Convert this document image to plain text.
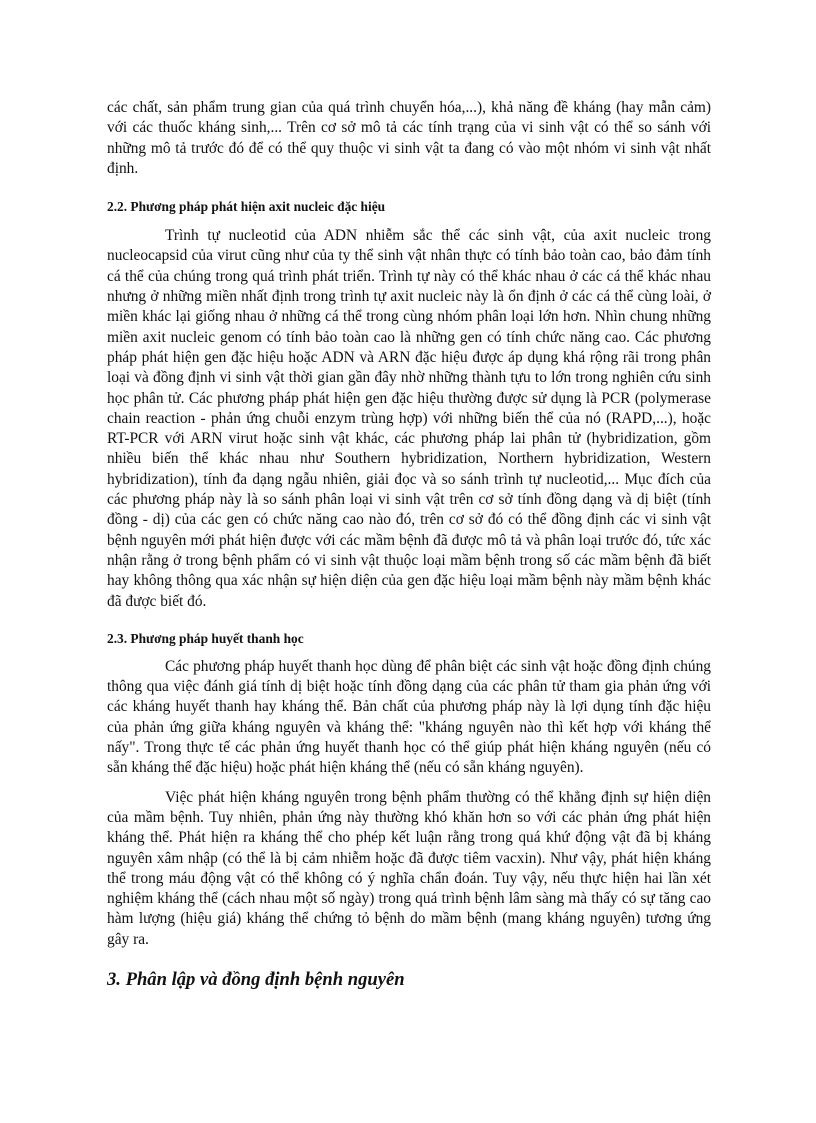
các chất, sản phẩm trung gian của quá trình chuyển hóa,...), khả năng đề kháng (hay mẫn cảm) với các thuốc kháng sinh,... Trên cơ sở mô tả các tính trạng của vi sinh vật có thể so sánh với những mô tả trước đó để có thể quy thuộc vi sinh vật ta đang có vào một nhóm vi sinh vật nhất định.

2.2. Phương pháp phát hiện axit nucleic đặc hiệu

Trình tự nucleotid của ADN nhiễm sắc thể các sinh vật, của axit nucleic trong nucleocapsid của virut cũng như của ty thể sinh vật nhân thực có tính bảo toàn cao, bảo đảm tính cá thể của chúng trong quá trình phát triển. Trình tự này có thể khác nhau ở các cá thể khác nhau nhưng ở những miền nhất định trong trình tự axit nucleic này là ổn định ở các cá thể cùng loài, ở miền khác lại giống nhau ở những cá thể trong cùng nhóm phân loại lớn hơn. Nhìn chung những miền axit nucleic genom có tính bảo toàn cao là những gen có tính chức năng cao. Các phương pháp phát hiện gen đặc hiệu hoặc ADN và ARN đặc hiệu được áp dụng khá rộng rãi trong phân loại và đồng định vi sinh vật thời gian gần đây nhờ những thành tựu to lớn trong nghiên cứu sinh học phân tử. Các phương pháp phát hiện gen đặc hiệu thường được sử dụng là PCR (polymerase chain reaction - phản ứng chuỗi enzym trùng hợp) với những biến thể của nó (RAPD,...), hoặc RT-PCR với ARN virut hoặc sinh vật khác, các phương pháp lai phân tử (hybridization, gồm nhiều biến thể khác nhau như Southern hybridization, Northern hybridization, Western hybridization), tính đa dạng ngẫu nhiên, giải đọc và so sánh trình tự nucleotid,... Mục đích của các phương pháp này là so sánh phân loại vi sinh vật trên cơ sở tính đồng dạng và dị biệt (tính đồng - dị) của các gen có chức năng cao nào đó, trên cơ sở đó có thể đồng định các vi sinh vật bệnh nguyên mới phát hiện được với các mầm bệnh đã được mô tả và phân loại trước đó, tức xác nhận rằng ở trong bệnh phẩm có vi sinh vật thuộc loại mầm bệnh trong số các mầm bệnh đã biết hay không thông qua xác nhận sự hiện diện của gen đặc hiệu loại mầm bệnh này mầm bệnh khác đã được biết đó.

2.3. Phương pháp huyết thanh học

Các phương pháp huyết thanh học dùng để phân biệt các sinh vật hoặc đồng định chúng thông qua việc đánh giá tính dị biệt hoặc tính đồng dạng của các phân tử tham gia phản ứng với các kháng huyết thanh hay kháng thể. Bản chất của phương pháp này là lợi dụng tính đặc hiệu của phản ứng giữa kháng nguyên và kháng thể: "kháng nguyên nào thì kết hợp với kháng thể nấy". Trong thực tế các phản ứng huyết thanh học có thể giúp phát hiện kháng nguyên (nếu có sẵn kháng thể đặc hiệu) hoặc phát hiện kháng thể (nếu có sẵn kháng nguyên).

Việc phát hiện kháng nguyên trong bệnh phẩm thường có thể khẳng định sự hiện diện của mầm bệnh. Tuy nhiên, phản ứng này thường khó khăn hơn so với các phản ứng phát hiện kháng thể. Phát hiện ra kháng thể cho phép kết luận rằng trong quá khứ động vật đã bị kháng nguyên xâm nhập (có thể là bị cảm nhiễm hoặc đã được tiêm vacxin). Như vậy, phát hiện kháng thể trong máu động vật có thể không có ý nghĩa chẩn đoán. Tuy vậy, nếu thực hiện hai lần xét nghiệm kháng thể (cách nhau một số ngày) trong quá trình bệnh lâm sàng mà thấy có sự tăng cao hàm lượng (hiệu giá) kháng thể chứng tỏ bệnh do mầm bệnh (mang kháng nguyên) tương ứng gây ra.

3. Phân lập và đồng định bệnh nguyên
